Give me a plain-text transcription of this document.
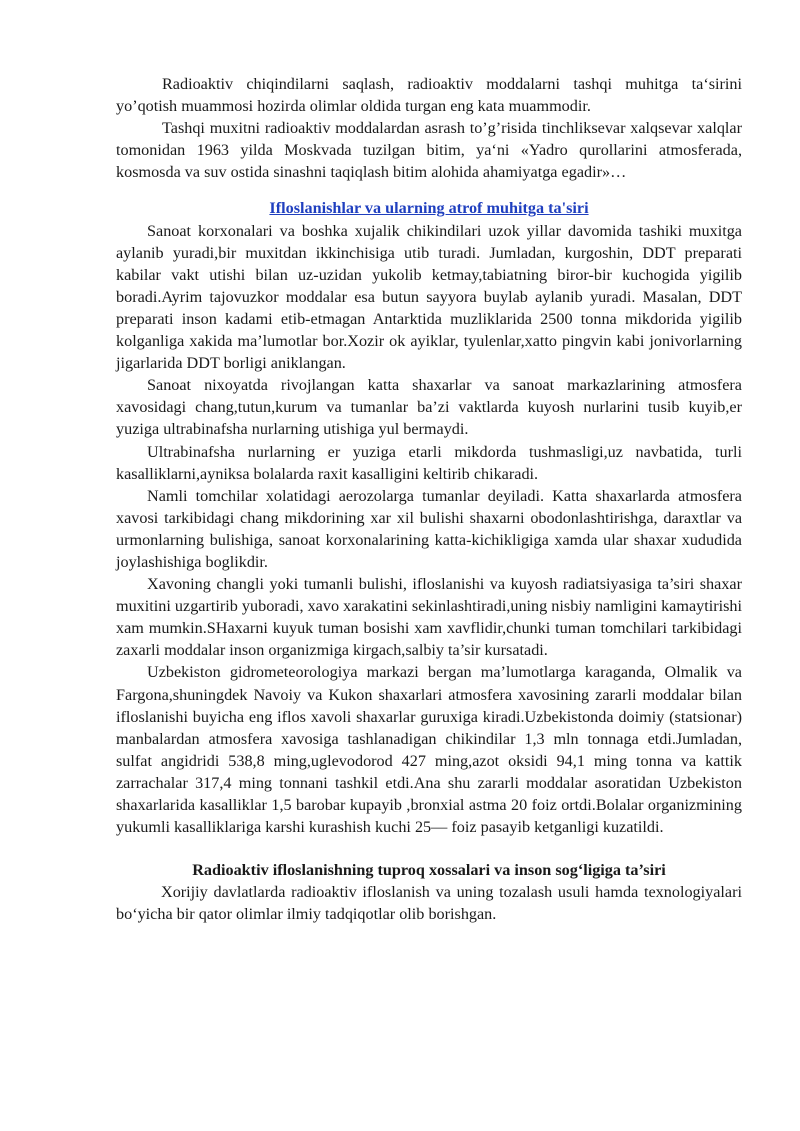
Radioaktiv chiqindilarni saqlash, radioaktiv moddalarni tashqi muhitga ta‘sirini yo’qotish muammosi hozirda olimlar oldida turgan eng kata muammodir.

Tashqi muxitni radioaktiv moddalardan asrash to’g’risida tinchliksevar xalqsevar xalqlar tomonidan 1963 yilda Moskvada tuzilgan bitim, ya‘ni «Yadro qurollarini atmosferada, kosmosda va suv ostida sinashni taqiqlash bitim alohida ahamiyatga egadir»…

Ifloslanishlar va ularning atrof muhitga ta'siri

Sanoat korxonalari va boshka xujalik chikindilari uzok yillar davomida tashiki muxitga aylanib yuradi,bir muxitdan ikkinchisiga utib turadi. Jumladan, kurgoshin, DDT preparati kabilar vakt utishi bilan uz-uzidan yukolib ketmay,tabiatning biror-bir kuchogida yigilib boradi.Ayrim tajovuzkor moddalar esa butun sayyora buylab aylanib yuradi. Masalan, DDT preparati inson kadami etib-etmagan Antarktida muzliklarida 2500 tonna mikdorida yigilib kolganliga xakida ma’lumotlar bor.Xozir ok ayiklar, tyulenlar,xatto pingvin kabi jonivorlarning jigarlarida DDT borligi aniklangan.

Sanoat nixoyatda rivojlangan katta shaxarlar va sanoat markazlarining atmosfera xavosidagi chang,tutun,kurum va tumanlar ba’zi vaktlarda kuyosh nurlarini tusib kuyib,er yuziga ultrabinafsha nurlarning utishiga yul bermaydi.

Ultrabinafsha nurlarning er yuziga etarli mikdorda tushmasligi,uz navbatida, turli kasalliklarni,ayniksa bolalarda raxit kasalligini keltirib chikaradi.

Namli tomchilar xolatidagi aerozolarga tumanlar deyiladi. Katta shaxarlarda atmosfera xavosi tarkibidagi chang mikdorining xar xil bulishi shaxarni obodonlashtirishga, daraxtlar va urmonlarning bulishiga, sanoat korxonalarining katta-kichikligiga xamda ular shaxar xududida joylashishiga boglikdir.

Xavoning changli yoki tumanli bulishi, ifloslanishi va kuyosh radiatsiyasiga ta’siri shaxar muxitini uzgartirib yuboradi, xavo xarakatini sekinlashtiradi,uning nisbiy namligini kamaytirishi xam mumkin.SHaxarni kuyuk tuman bosishi xam xavflidir,chunki tuman tomchilari tarkibidagi zaxarli moddalar inson organizmiga kirgach,salbiy ta’sir kursatadi.

Uzbekiston gidrometeorologiya markazi bergan ma’lumotlarga karaganda, Olmalik va Fargona,shuningdek Navoiy va Kukon shaxarlari atmosfera xavosining zararli moddalar bilan ifloslanishi buyicha eng iflos xavoli shaxarlar guruxiga kiradi.Uzbekistonda doimiy (statsionar) manbalardan atmosfera xavosiga tashlanadigan chikindilar 1,3 mln tonnaga etdi.Jumladan, sulfat angidridi 538,8 ming,uglevodorod 427 ming,azot oksidi 94,1 ming tonna va kattik zarrachalar 317,4 ming tonnani tashkil etdi.Ana shu zararli moddalar asoratidan Uzbekiston shaxarlarida kasalliklar 1,5 barobar kupayib ,bronxial astma 20 foiz ortdi.Bolalar organizmining yukumli kasalliklariga karshi kurashish kuchi 25— foiz pasayib ketganligi kuzatildi.

Radioaktiv ifloslanishning tuproq xossalari va inson sog‘ligiga ta’siri

Xorijiy davlatlarda radioaktiv ifloslanish va uning tozalash usuli hamda texnologiyalari bo‘yicha bir qator olimlar ilmiy tadqiqotlar olib borishgan.
